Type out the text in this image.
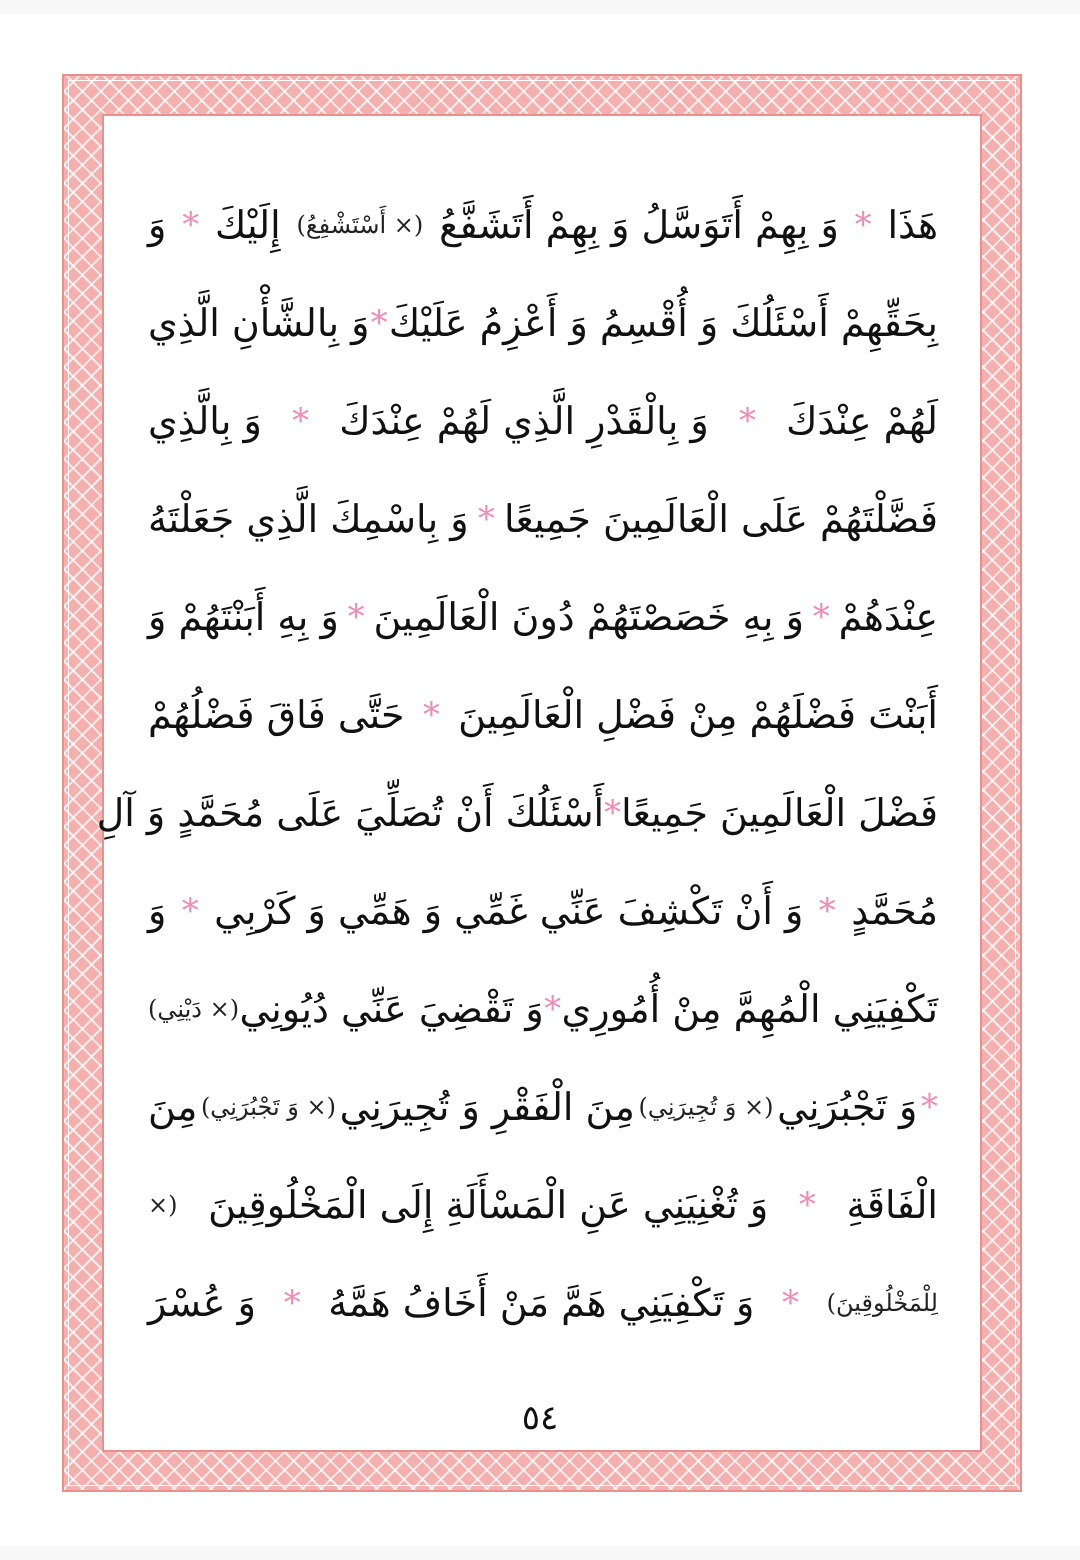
هَذَا
*
وَ بِهِمْ أَتَوَسَّلُ وَ بِهِمْ أَتَشَفَّعُ
(× أَسْتَشْفِعُ)
إِلَيْكَ
*
وَ
بِحَقِّهِمْ أَسْئَلُكَ وَ أُقْسِمُ وَ أَعْزِمُ عَلَيْكَ
*
وَ بِالشَّأْنِ الَّذِي
لَهُمْ عِنْدَكَ
*
وَ بِالْقَدْرِ الَّذِي لَهُمْ عِنْدَكَ
*
وَ بِالَّذِي
فَضَّلْتَهُمْ عَلَى الْعَالَمِينَ جَمِيعًا
*
وَ بِاسْمِكَ الَّذِي جَعَلْتَهُ
عِنْدَهُمْ
*
وَ بِهِ خَصَصْتَهُمْ دُونَ الْعَالَمِينَ
*
وَ بِهِ أَبَنْتَهُمْ وَ
أَبَنْتَ فَضْلَهُمْ مِنْ فَضْلِ الْعَالَمِينَ
*
حَتَّى فَاقَ فَضْلُهُمْ
فَضْلَ الْعَالَمِينَ جَمِيعًا
*
أَسْئَلُكَ أَنْ تُصَلِّيَ عَلَى مُحَمَّدٍ وَ آلِ
مُحَمَّدٍ
*
وَ أَنْ تَكْشِفَ عَنِّي غَمِّي وَ هَمِّي وَ كَرْبِي
*
وَ
تَكْفِيَنِي الْمُهِمَّ مِنْ أُمُورِي
*
وَ تَقْضِيَ عَنِّي دُيُونِي
(× دَيْنِي)
*
وَ تَجْبُرَنِي
(× وَ تُجِيرَنِي)
مِنَ الْفَقْرِ وَ تُجِيرَنِي
(× وَ تَجْبُرَنِي)
مِنَ
الْفَاقَةِ
*
وَ تُغْنِيَنِي عَنِ الْمَسْأَلَةِ إِلَى الْمَخْلُوقِينَ
(×
لِلْمَخْلُوقِينَ)
*
وَ تَكْفِيَنِي هَمَّ مَنْ أَخَافُ هَمَّهُ
*
وَ عُسْرَ
٥٤
